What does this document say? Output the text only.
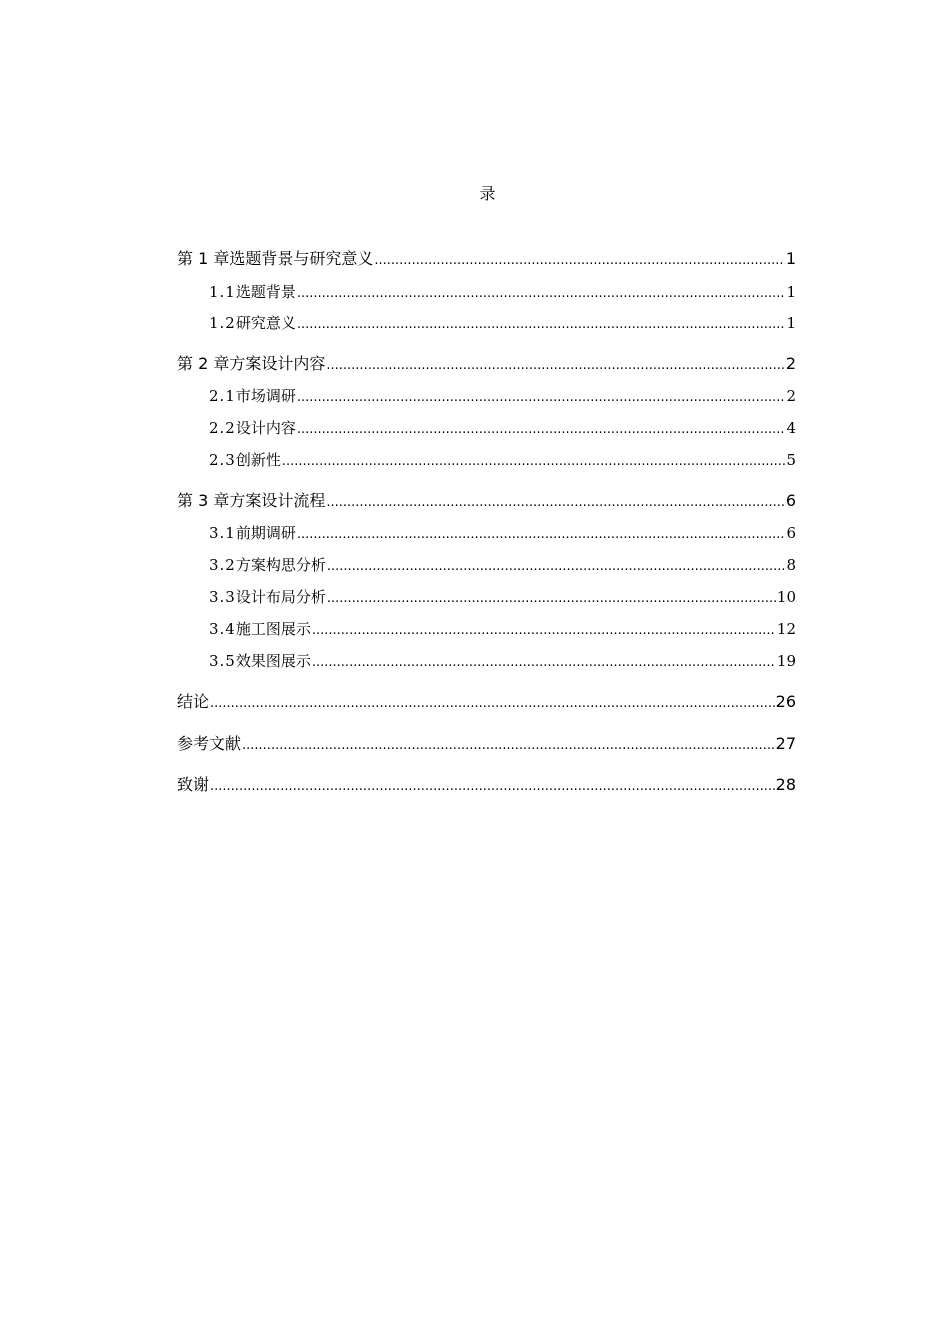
录
第 1 章 选题背景与研究意义 .....	1
1.1 选题背景 .....	1
1.2 研究意义 .....	1
第 2 章 方案设计内容 .....	2
2.1 市场调研 .....	2
2.2 设计内容 .....	4
2.3 创新性 .....	5
第 3 章 方案设计流程 .....	6
3.1 前期调研 .....	6
3.2 方案构思分析 .....	8
3.3 设计布局分析 .....	10
3.4 施工图展示 .....	12
3.5 效果图展示 .....	19
结论 .....	26
参考文献 .....	27
致谢 .....	28
